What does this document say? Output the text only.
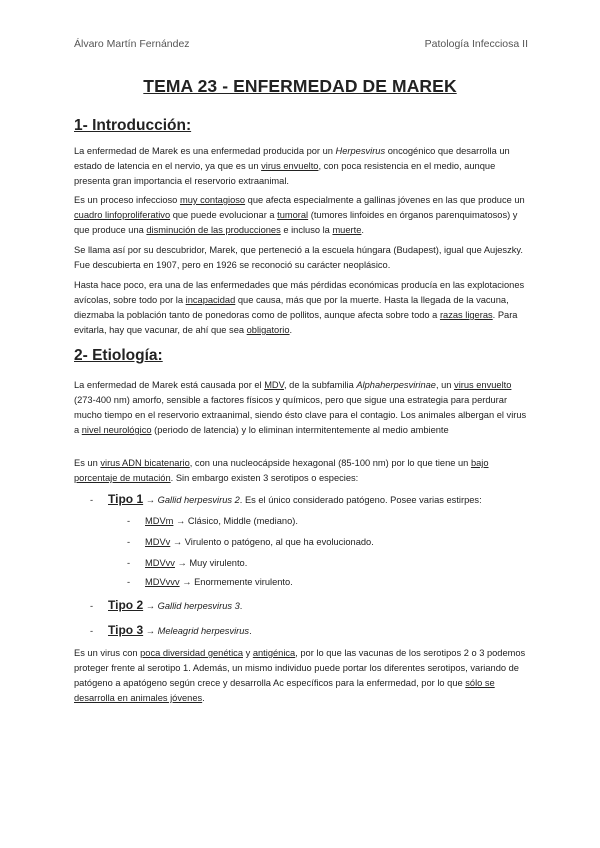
Álvaro Martín Fernández	Patología Infecciosa II
TEMA 23 - ENFERMEDAD DE MAREK
1- Introducción:

La enfermedad de Marek es una enfermedad producida por un Herpesvirus oncogénico que desarrolla un estado de latencia en el nervio, ya que es un virus envuelto, con poca resistencia en el medio, aunque presenta gran importancia el reservorio extraanimal.

Es un proceso infeccioso muy contagioso que afecta especialmente a gallinas jóvenes en las que produce un cuadro linfoproliferativo que puede evolucionar a tumoral (tumores linfoides en órganos parenquimatosos) y que produce una disminución de las producciones e incluso la muerte.

Se llama así por su descubridor, Marek, que perteneció a la escuela húngara (Budapest), igual que Aujeszky. Fue descubierta en 1907, pero en 1926 se reconoció su carácter neoplásico.

Hasta hace poco, era una de las enfermedades que más pérdidas económicas producía en las explotaciones avícolas, sobre todo por la incapacidad que causa, más que por la muerte. Hasta la llegada de la vacuna, diezmaba la población tanto de ponedoras como de pollitos, aunque afecta sobre todo a razas ligeras. Para evitarla, hay que vacunar, de ahí que sea obligatorio.

2- Etiología:

La enfermedad de Marek está causada por el MDV, de la subfamilia Alphaherpesvirinae, un virus envuelto (273-400 nm) amorfo, sensible a factores físicos y químicos, pero que sigue una estrategia para perdurar mucho tiempo en el reservorio extraanimal, siendo ésto clave para el contagio. Los animales albergan el virus a nivel neurológico (periodo de latencia) y lo eliminan intermitentemente al medio ambiente

Es un virus ADN bicatenario, con una nucleocápside hexagonal (85-100 nm) por lo que tiene un bajo porcentaje de mutación. Sin embargo existen 3 serotipos o especies:

- Tipo 1 → Gallid herpesvirus 2. Es el único considerado patógeno. Posee varias estirpes:
- MDVm → Clásico, Middle (mediano).
- MDVv → Virulento o patógeno, al que ha evolucionado.
- MDVvv → Muy virulento.
- MDVvvv → Enormemente virulento.
- Tipo 2 → Gallid herpesvirus 3.
- Tipo 3 → Meleagrid herpesvirus.

Es un virus con poca diversidad genética y antigénica, por lo que las vacunas de los serotipos 2 o 3 podemos proteger frente al serotipo 1. Además, un mismo individuo puede portar los diferentes serotipos, variando de patógeno a apatógeno según crece y desarrolla Ac específicos para la enfermedad, por lo que sólo se desarrolla en animales jóvenes.
